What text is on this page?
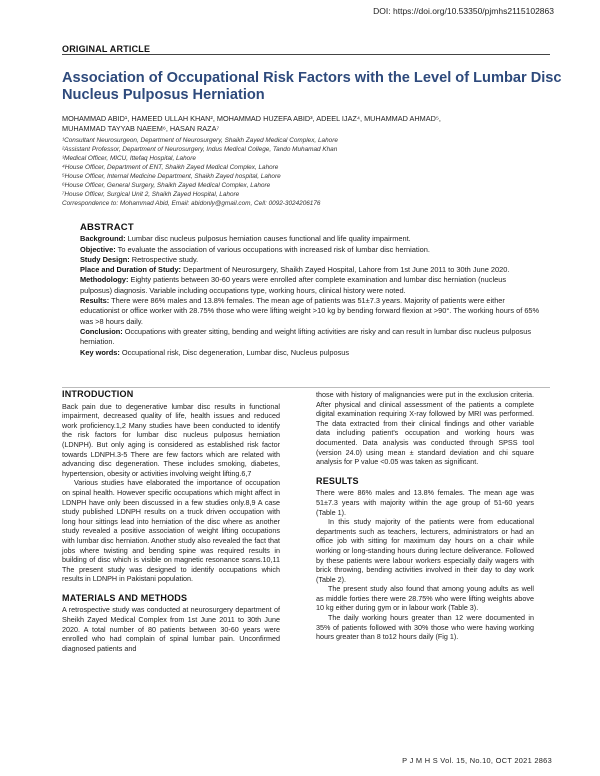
DOI: https://doi.org/10.53350/pjmhs2115102863
ORIGINAL ARTICLE
Association of Occupational Risk Factors with the Level of Lumbar Disc Nucleus Pulposus Herniation
MOHAMMAD ABID¹, HAMEED ULLAH KHAN², MOHAMMAD HUZEFA ABID³, ADEEL IJAZ⁴, MUHAMMAD AHMAD⁵,
MUHAMMAD TAYYAB NAEEM⁶, HASAN RAZA⁷
¹Consultant Neurosurgeon, Department of Neurosurgery, Shaikh Zayed Medical Complex, Lahore
²Assistant Professor, Department of Neurosurgery, Indus Medical College, Tando Muhamad Khan
³Medical Officer, MICU, Ittefaq Hospital, Lahore
⁴House Officer, Department of ENT, Shaikh Zayed Medical Complex, Lahore
⁵House Officer, Internal Medicine Department, Shaikh Zayed hospital, Lahore
⁶House Officer, General Surgery, Shaikh Zayed Medical Complex, Lahore
⁷House Officer, Surgical Unit 2, Shaikh Zayed Hospital, Lahore
Correspondence to: Mohammad Abid, Email: abidonly@gmail.com, Cell: 0092-3024206176
ABSTRACT

Background: Lumbar disc nucleus pulposus herniation causes functional and life quality impairment.

Objective: To evaluate the association of various occupations with increased risk of lumbar disc herniation.

Study Design: Retrospective study.

Place and Duration of Study: Department of Neurosurgery, Shaikh Zayed Hospital, Lahore from 1st June 2011 to 30th June 2020.

Methodology: Eighty patients between 30-60 years were enrolled after complete examination and lumbar disc herniation (nucleus pulposus) diagnosis. Variable including occupations type, working hours, clinical history were noted.

Results: There were 86% males and 13.8% females. The mean age of patients was 51±7.3 years. Majority of patients were either educationist or office worker with 28.75% those who were lifting weight >10 kg by bending forward flexion at >90°. The working hours of 65% was >8 hours daily.

Conclusion: Occupations with greater sitting, bending and weight lifting activities are risky and can result in lumbar disc nucleus pulposus herniation.

Key words: Occupational risk, Disc degeneration, Lumbar disc, Nucleus pulposus

INTRODUCTION

Back pain due to degenerative lumbar disc results in functional impairment, decreased quality of life, health issues and reduced work proficiency.1,2 Many studies have been conducted to identify the risk factors for lumbar disc nucleus pulposus herniation (LDNPH). But only aging is considered as established risk factor towards LDNPH.3-5 There are few factors which are related with advancing disc degeneration. These includes smoking, diabetes, hypertension, obesity or activities involving weight lifting.6,7

Various studies have elaborated the importance of occupation on spinal health. However specific occupations which might affect in LDNPH have only been discussed in a few studies only.8,9 A case study published LDNPH results on a truck driven occupation with long hour sittings lead into herniation of the disc where as another study revealed a positive association of weight lifting occupations with lumbar disc herniation. Another study also revealed the fact that jobs where twisting and bending spine was required results in building of disc which is visible on magnetic resonance scans.10,11 The present study was designed to identify occupations which results in LDNPH in Pakistani population.

MATERIALS AND METHODS

A retrospective study was conducted at neurosurgery department of Sheikh Zayed Medical Complex from 1st June 2011 to 30th June 2020. A total number of 80 patients between 30-60 years were enrolled who had complain of spinal lumbar pain. Unconfirmed diagnosed patients and

those with history of malignancies were put in the exclusion criteria. After physical and clinical assessment of the patients a complete digital examination requiring X-ray followed by MRI was performed. The data extracted from their clinical findings and other variable data including patient's occupation and working hours was documented. Data analysis was conducted through SPSS tool (version 24.0) using mean ± standard deviation and chi square analysis for P value <0.05 was taken as significant.

RESULTS

There were 86% males and 13.8% females. The mean age was 51±7.3 years with majority within the age group of 51-60 years (Table 1).

In this study majority of the patients were from educational departments such as teachers, lecturers, administrators or had an office job with sitting for maximum day hours on a chair while working or long-standing hours during lecture deliverance. Followed by these patients were labour workers especially daily wagers with brick throwing, bending activities involved in their day to day work (Table 2).

The present study also found that among young adults as well as middle forties there were 28.75% who were lifting weights above 10 kg either during gym or in labour work (Table 3).

The daily working hours greater than 12 were documented in 35% of patients followed with 30% those who were having working hours greater than 8 to12 hours daily (Fig 1).

P J M H S Vol. 15, No.10, OCT 2021 2863
